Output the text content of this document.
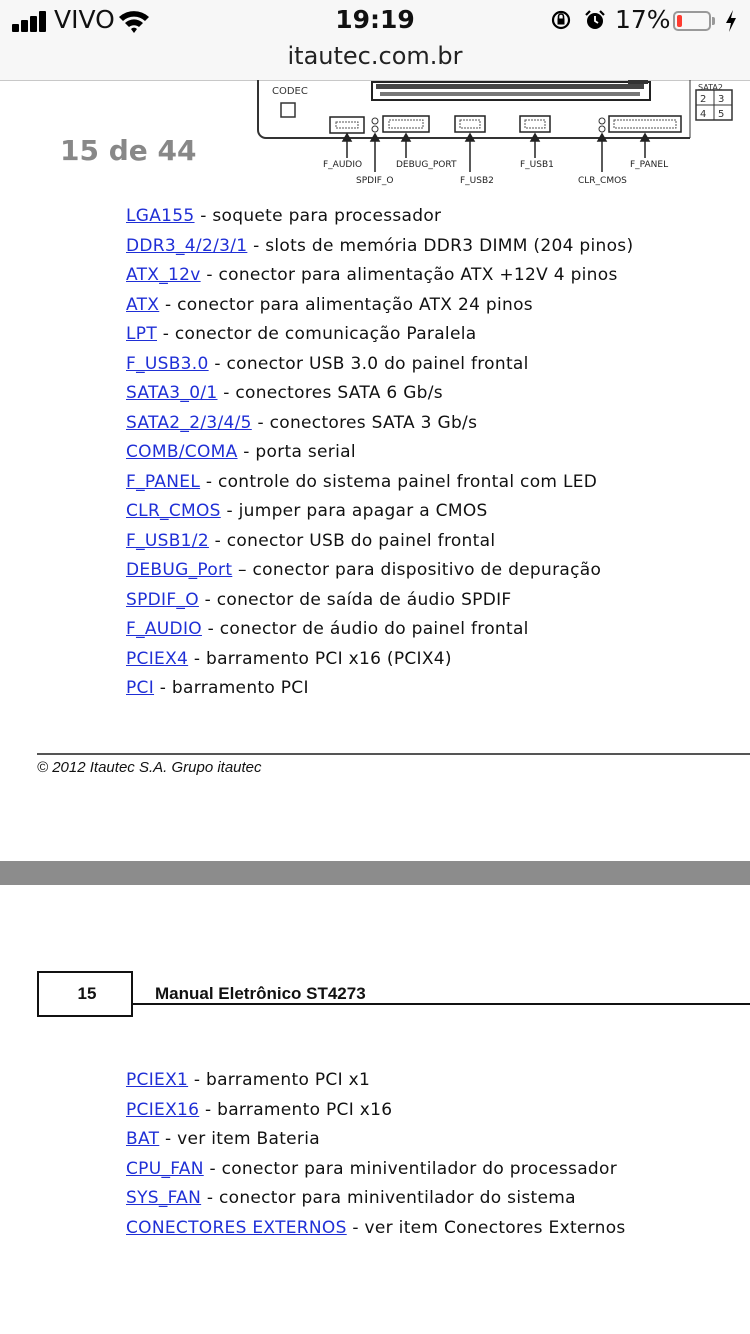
VIVO	19:19	17%
itautec.com.br
15 de 44
CODEC	SATA2
2 3
4 5
F_AUDIO
SPDIF_O
DEBUG_PORT
F_USB2
F_USB1
CLR_CMOS
F_PANEL
LGA155 - soquete para processador
DDR3_4/2/3/1 - slots de memória DDR3 DIMM (204 pinos)
ATX_12v - conector para alimentação ATX +12V 4 pinos
ATX - conector para alimentação ATX 24 pinos
LPT - conector de comunicação Paralela
F_USB3.0 - conector USB 3.0 do painel frontal
SATA3_0/1 - conectores SATA 6 Gb/s
SATA2_2/3/4/5 - conectores SATA 3 Gb/s
COMB/COMA - porta serial
F_PANEL - controle do sistema painel frontal com LED
CLR_CMOS - jumper para apagar a CMOS
F_USB1/2 - conector USB do painel frontal
DEBUG_Port – conector para dispositivo de depuração
SPDIF_O - conector de saída de áudio SPDIF
F_AUDIO - conector de áudio do painel frontal
PCIEX4 - barramento PCI x16 (PCIX4)
PCI - barramento PCI
© 2012 Itautec S.A. Grupo itautec
15	Manual Eletrônico ST4273
PCIEX1 - barramento PCI x1
PCIEX16 - barramento PCI x16
BAT - ver item Bateria
CPU_FAN - conector para miniventilador do processador
SYS_FAN - conector para miniventilador do sistema
CONECTORES EXTERNOS - ver item Conectores Externos
